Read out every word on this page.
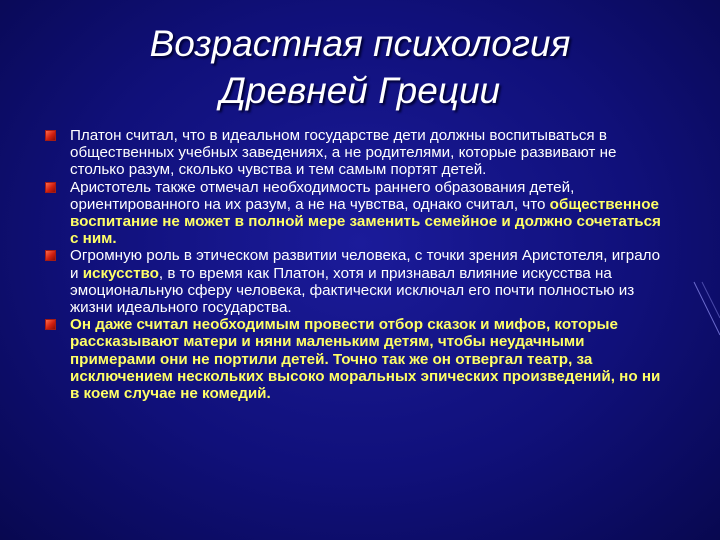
Возрастная психология
Древней Греции
Платон считал, что в идеальном государстве дети должны воспитываться в общественных учебных заведениях, а не родителями, которые развивают не столько разум, сколько чувства и тем самым портят детей.
Аристотель также отмечал необходимость раннего образования детей, ориентированного на их разум, а не на чувства, однако считал, что общественное воспитание не может в полной мере заменить семейное и должно сочетаться с ним.
Огромную роль в этическом развитии человека, с точки зрения Аристотеля, играло и искусство, в то время как Платон, хотя и признавал влияние искусства на эмоциональную сферу человека, фактически исключал его почти полностью из жизни идеального государства.
Он даже считал необходимым провести отбор сказок и мифов, которые рассказывают матери и няни маленьким детям, чтобы неудачными примерами они не портили детей. Точно так же он отвергал театр, за исключением нескольких высоко моральных эпических произведений, но ни в коем случае не комедий.
